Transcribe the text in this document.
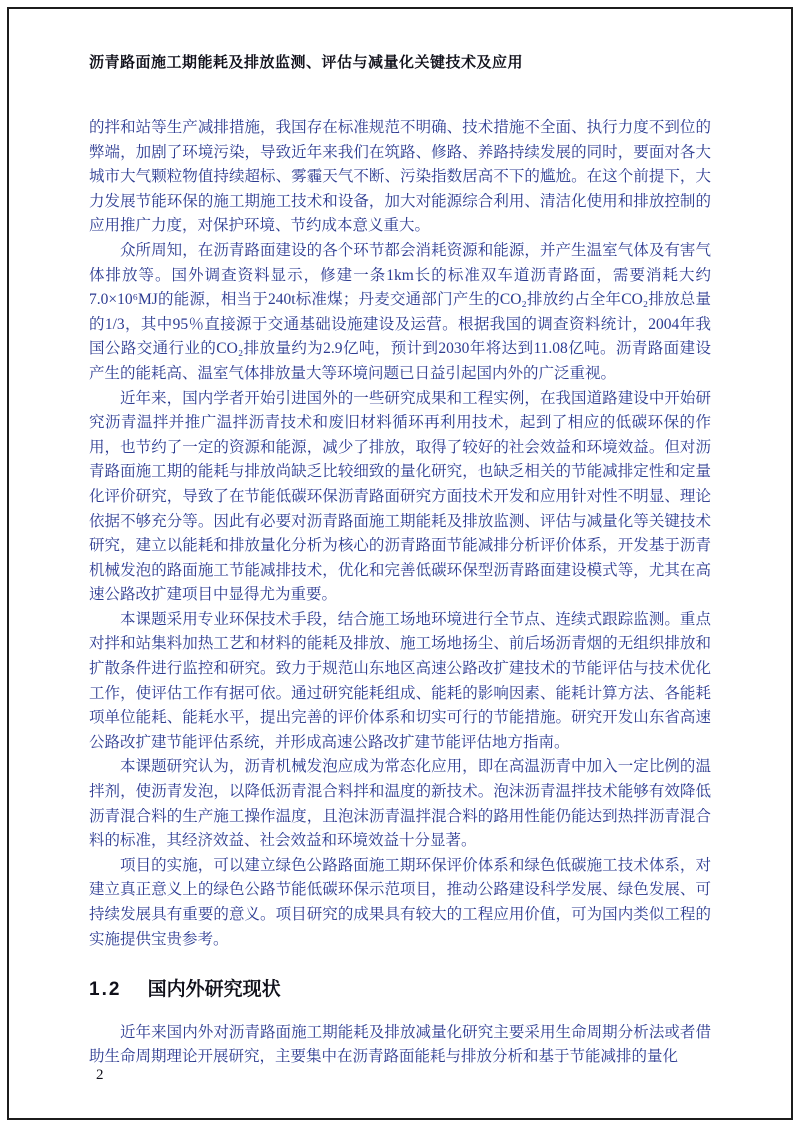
沥青路面施工期能耗及排放监测、评估与减量化关键技术及应用

的拌和站等生产减排措施，我国存在标准规范不明确、技术措施不全面、执行力度不到位的弊端，加剧了环境污染，导致近年来我们在筑路、修路、养路持续发展的同时，要面对各大城市大气颗粒物值持续超标、雾霾天气不断、污染指数居高不下的尴尬。在这个前提下，大力发展节能环保的施工期施工技术和设备，加大对能源综合利用、清洁化使用和排放控制的应用推广力度，对保护环境、节约成本意义重大。

众所周知，在沥青路面建设的各个环节都会消耗资源和能源，并产生温室气体及有害气体排放等。国外调查资料显示，修建一条1km长的标准双车道沥青路面，需要消耗大约7.0×10⁶MJ的能源，相当于240t标准煤；丹麦交通部门产生的CO₂排放约占全年CO₂排放总量的1/3，其中95％直接源于交通基础设施建设及运营。根据我国的调查资料统计，2004年我国公路交通行业的CO₂排放量约为2.9亿吨，预计到2030年将达到11.08亿吨。沥青路面建设产生的能耗高、温室气体排放量大等环境问题已日益引起国内外的广泛重视。

近年来，国内学者开始引进国外的一些研究成果和工程实例，在我国道路建设中开始研究沥青温拌并推广温拌沥青技术和废旧材料循环再利用技术，起到了相应的低碳环保的作用，也节约了一定的资源和能源，减少了排放，取得了较好的社会效益和环境效益。但对沥青路面施工期的能耗与排放尚缺乏比较细致的量化研究，也缺乏相关的节能减排定性和定量化评价研究，导致了在节能低碳环保沥青路面研究方面技术开发和应用针对性不明显、理论依据不够充分等。因此有必要对沥青路面施工期能耗及排放监测、评估与减量化等关键技术研究，建立以能耗和排放量化分析为核心的沥青路面节能减排分析评价体系，开发基于沥青机械发泡的路面施工节能减排技术，优化和完善低碳环保型沥青路面建设模式等，尤其在高速公路改扩建项目中显得尤为重要。

本课题采用专业环保技术手段，结合施工场地环境进行全节点、连续式跟踪监测。重点对拌和站集料加热工艺和材料的能耗及排放、施工场地扬尘、前后场沥青烟的无组织排放和扩散条件进行监控和研究。致力于规范山东地区高速公路改扩建技术的节能评估与技术优化工作，使评估工作有据可依。通过研究能耗组成、能耗的影响因素、能耗计算方法、各能耗项单位能耗、能耗水平，提出完善的评价体系和切实可行的节能措施。研究开发山东省高速公路改扩建节能评估系统，并形成高速公路改扩建节能评估地方指南。

本课题研究认为，沥青机械发泡应成为常态化应用，即在高温沥青中加入一定比例的温拌剂，使沥青发泡，以降低沥青混合料拌和温度的新技术。泡沫沥青温拌技术能够有效降低沥青混合料的生产施工操作温度，且泡沫沥青温拌混合料的路用性能仍能达到热拌沥青混合料的标准，其经济效益、社会效益和环境效益十分显著。

项目的实施，可以建立绿色公路路面施工期环保评价体系和绿色低碳施工技术体系，对建立真正意义上的绿色公路节能低碳环保示范项目，推动公路建设科学发展、绿色发展、可持续发展具有重要的意义。项目研究的成果具有较大的工程应用价值，可为国内类似工程的实施提供宝贵参考。

1.2 国内外研究现状

近年来国内外对沥青路面施工期能耗及排放减量化研究主要采用生命周期分析法或者借助生命周期理论开展研究，主要集中在沥青路面能耗与排放分析和基于节能减排的量化

2
